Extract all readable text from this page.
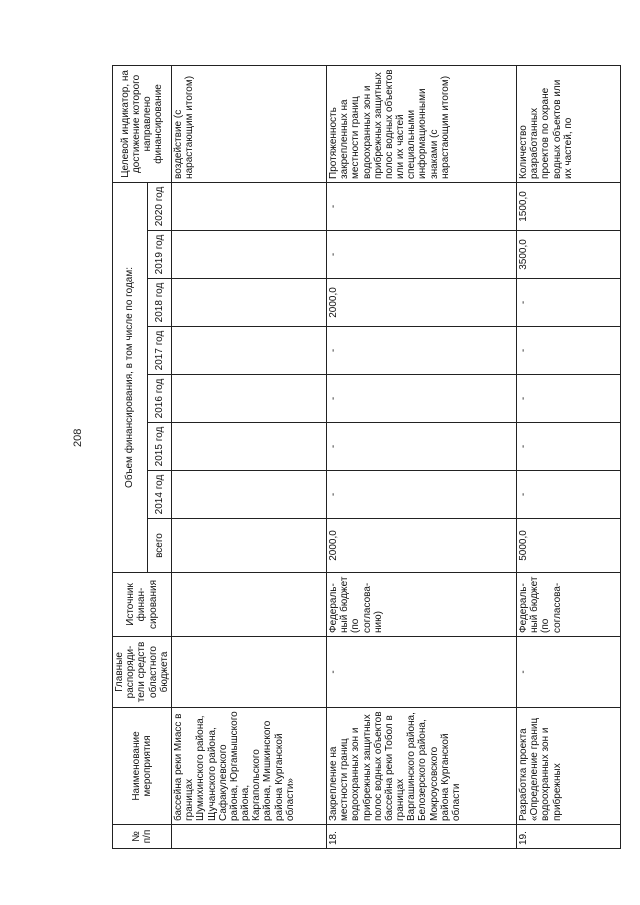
208
№ п/п	Наименование мероприятия	Главные распоряди-тели средств областного бюджета	Источник финан-сирования	Объем финансирования, в том числе по годам:								Целевой индикатор, на достижение которого направлено финансирование
				всего	2014 год	2015 год	2016 год	2017 год	2018 год	2019 год	2020 год	
	бассейна реки Миасс в границах Шумихинского района, Щучанского района, Сафакулевского района, Юргамышского района, Каргапольского района, Мишкинского района Курганской области»											воздействие (с нарастающим итогом)
18.	Закрепление на местности границ водоохранных зон и прибрежных защитных полос водных объектов бассейна реки Тобол в границах Варгашинского района, Белозерского района, Мокроусовского района Курганской области	-	Федераль-ный бюджет (по согласова-нию)	2000,0	-	-	-	-	2000,0	-	-	Протяженность закрепленных на местности границ водоохранных зон и прибрежных защитных полос водных объектов или их частей специальными информационными знаками (с нарастающим итогом)
19.	Разработка проекта «Определение границ водоохранных зон и прибрежных	-	Федераль-ный бюджет (по согласова-	5000,0	-	-	-	-	-	3500,0	1500,0	Количество разработанных проектов по охране водных объектов или их частей, по
